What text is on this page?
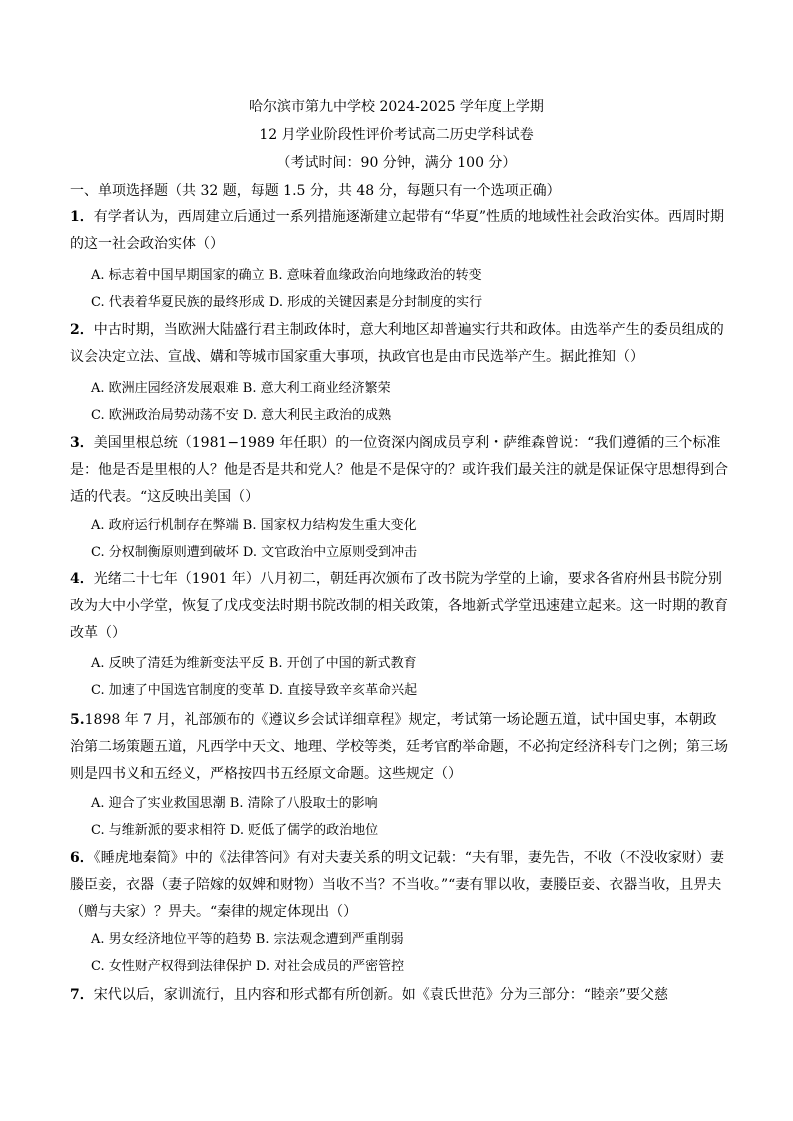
哈尔滨市第九中学校 2024-2025 学年度上学期
12 月学业阶段性评价考试高二历史学科试卷
（考试时间：90 分钟，满分 100 分）
一、单项选择题（共 32 题，每题 1.5 分，共 48 分，每题只有一个选项正确）
1．有学者认为，西周建立后通过一系列措施逐渐建立起带有“华夏”性质的地域性社会政治实体。西周时期的这一社会政治实体（）
A. 标志着中国早期国家的确立 B. 意味着血缘政治向地缘政治的转变
C. 代表着华夏民族的最终形成 D. 形成的关键因素是分封制度的实行
2．中古时期，当欧洲大陆盛行君主制政体时，意大利地区却普遍实行共和政体。由选举产生的委员组成的议会决定立法、宣战、媾和等城市国家重大事项，执政官也是由市民选举产生。据此推知（）
A. 欧洲庄园经济发展艰难 B. 意大利工商业经济繁荣
C. 欧洲政治局势动荡不安 D. 意大利民主政治的成熟
3．美国里根总统（1981−1989 年任职）的一位资深内阁成员亨利・萨维森曾说：“我们遵循的三个标准是：他是否是里根的人？他是否是共和党人？他是不是保守的？或许我们最关注的就是保证保守思想得到合适的代表。“这反映出美国（）
A. 政府运行机制存在弊端 B. 国家权力结构发生重大变化
C. 分权制衡原则遭到破坏 D. 文官政治中立原则受到冲击
4．光绪二十七年（1901 年）八月初二，朝廷再次颁布了改书院为学堂的上谕，要求各省府州县书院分别改为大中小学堂，恢复了戊戌变法时期书院改制的相关政策，各地新式学堂迅速建立起来。这一时期的教育改革（）
A. 反映了清廷为维新变法平反 B. 开创了中国的新式教育
C. 加速了中国选官制度的变革 D. 直接导致辛亥革命兴起
5.1898 年 7 月，礼部颁布的《遵议乡会试详细章程》规定，考试第一场论题五道，试中国史事，本朝政治第二场策题五道，凡西学中天文、地理、学校等类，廷考官酌举命题，不必拘定经济科专门之例；第三场则是四书义和五经义，严格按四书五经原文命题。这些规定（）
A. 迎合了实业救国思潮 B. 清除了八股取士的影响
C. 与维新派的要求相符 D. 贬低了儒学的政治地位
6．《睡虎地秦简》中的《法律答问》有对夫妻关系的明文记载：“夫有罪，妻先告，不收（不没收家财）妻媵臣妾，衣器（妻子陪嫁的奴婢和财物）当收不当？不当收。”“妻有罪以收，妻媵臣妾、衣器当收，且畀夫（赠与夫家）？畀夫。“秦律的规定体现出（）
A. 男女经济地位平等的趋势 B. 宗法观念遭到严重削弱
C. 女性财产权得到法律保护 D. 对社会成员的严密管控
7．宋代以后，家训流行，且内容和形式都有所创新。如《袁氏世范》分为三部分：“睦亲”要父慈
